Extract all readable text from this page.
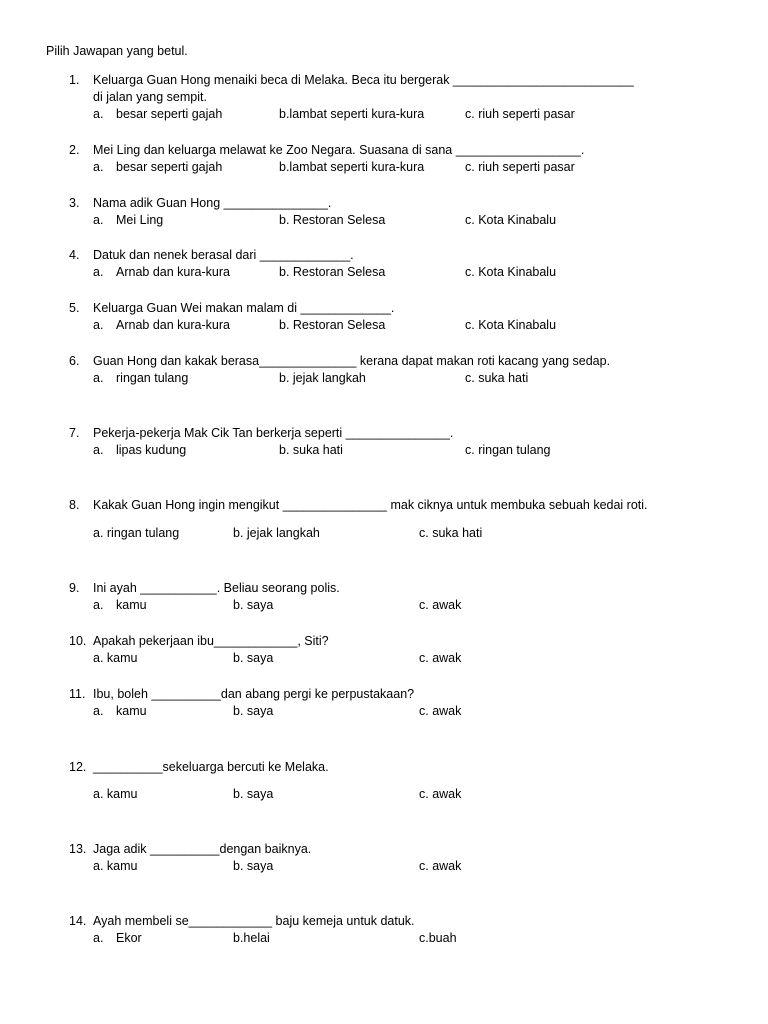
Pilih Jawapan yang betul.
1. Keluarga Guan Hong menaiki beca di Melaka. Beca itu bergerak __________________________
di jalan yang sempit.
a. besar seperti gajah	b.lambat seperti kura-kura	c. riuh seperti pasar
2. Mei Ling dan keluarga melawat ke Zoo Negara. Suasana di sana __________________.
a. besar seperti gajah	b.lambat seperti kura-kura	c. riuh seperti pasar
3. Nama adik Guan Hong _______________.
a. Mei Ling	b. Restoran Selesa	c. Kota Kinabalu
4. Datuk dan nenek berasal dari _____________.
a. Arnab dan kura-kura	b. Restoran Selesa	c. Kota Kinabalu
5. Keluarga Guan Wei makan malam di _____________.
a. Arnab dan kura-kura	b. Restoran Selesa	c. Kota Kinabalu
6. Guan Hong dan kakak berasa______________ kerana dapat makan roti kacang yang sedap.
a. ringan tulang	b. jejak langkah	c. suka hati
7. Pekerja-pekerja Mak Cik Tan berkerja seperti _______________.
a. lipas kudung	b. suka hati	c. ringan tulang
8. Kakak Guan Hong ingin mengikut _______________ mak ciknya untuk membuka sebuah kedai roti.
a. ringan tulang	b. jejak langkah	c. suka hati
9. Ini ayah ___________. Beliau seorang polis.
a. kamu	b. saya	c. awak
10. Apakah pekerjaan ibu____________, Siti?
a. kamu	b. saya	c. awak
11. Ibu, boleh __________dan abang pergi ke perpustakaan?
a. kamu	b. saya	c. awak
12. __________sekeluarga bercuti ke Melaka.
a. kamu	b. saya	c. awak
13. Jaga adik __________dengan baiknya.
a. kamu	b. saya	c. awak
14. Ayah membeli se____________ baju kemeja untuk datuk.
a. Ekor	b.helai	c.buah
